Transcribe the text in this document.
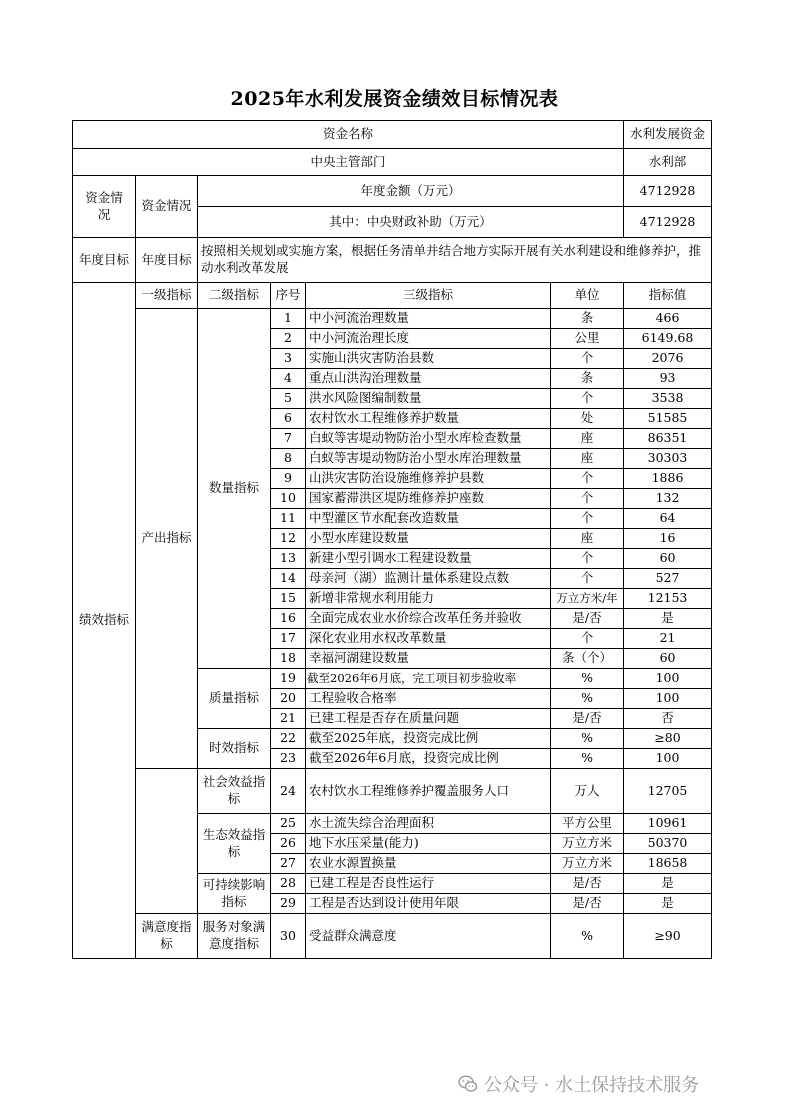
2025年水利发展资金绩效目标情况表
资金名称						水利发展资金
中央主管部门						水利部
资金情况	资金情况	年度金额（万元）				4712928
		其中：中央财政补助（万元）				4712928
年度目标	年度目标	按照相关规划或实施方案，根据任务清单并结合地方实际开展有关水利建设和维修养护，推动水利改革发展				
绩效指标	一级指标	二级指标	序号	三级指标	单位	指标值
	产出指标	数量指标	1	中小河流治理数量	条	466
			2	中小河流治理长度	公里	6149.68
			3	实施山洪灾害防治县数	个	2076
			4	重点山洪沟治理数量	条	93
			5	洪水风险图编制数量	个	3538
			6	农村饮水工程维修养护数量	处	51585
			7	白蚁等害堤动物防治小型水库检查数量	座	86351
			8	白蚁等害堤动物防治小型水库治理数量	座	30303
			9	山洪灾害防治设施维修养护县数	个	1886
			10	国家蓄滞洪区堤防维修养护座数	个	132
			11	中型灌区节水配套改造数量	个	64
			12	小型水库建设数量	座	16
			13	新建小型引调水工程建设数量	个	60
			14	母亲河（湖）监测计量体系建设点数	个	527
			15	新增非常规水利用能力	万立方米/年	12153
			16	全面完成农业水价综合改革任务并验收	是/否	是
			17	深化农业用水权改革数量	个	21
			18	幸福河湖建设数量	条（个）	60
		质量指标	19	截至2026年6月底，完工项目初步验收率	%	100
			20	工程验收合格率	%	100
			21	已建工程是否存在质量问题	是/否	否
		时效指标	22	截至2025年底，投资完成比例	%	≥80
			23	截至2026年6月底，投资完成比例	%	100
		社会效益指标	24	农村饮水工程维修养护覆盖服务人口	万人	12705
		生态效益指标	25	水土流失综合治理面积	平方公里	10961
			26	地下水压采量(能力)	万立方米	50370
			27	农业水源置换量	万立方米	18658
		可持续影响指标	28	已建工程是否良性运行	是/否	是
			29	工程是否达到设计使用年限	是/否	是
	满意度指标	服务对象满意度指标	30	受益群众满意度	%	≥90
公众号 · 水土保持技术服务
